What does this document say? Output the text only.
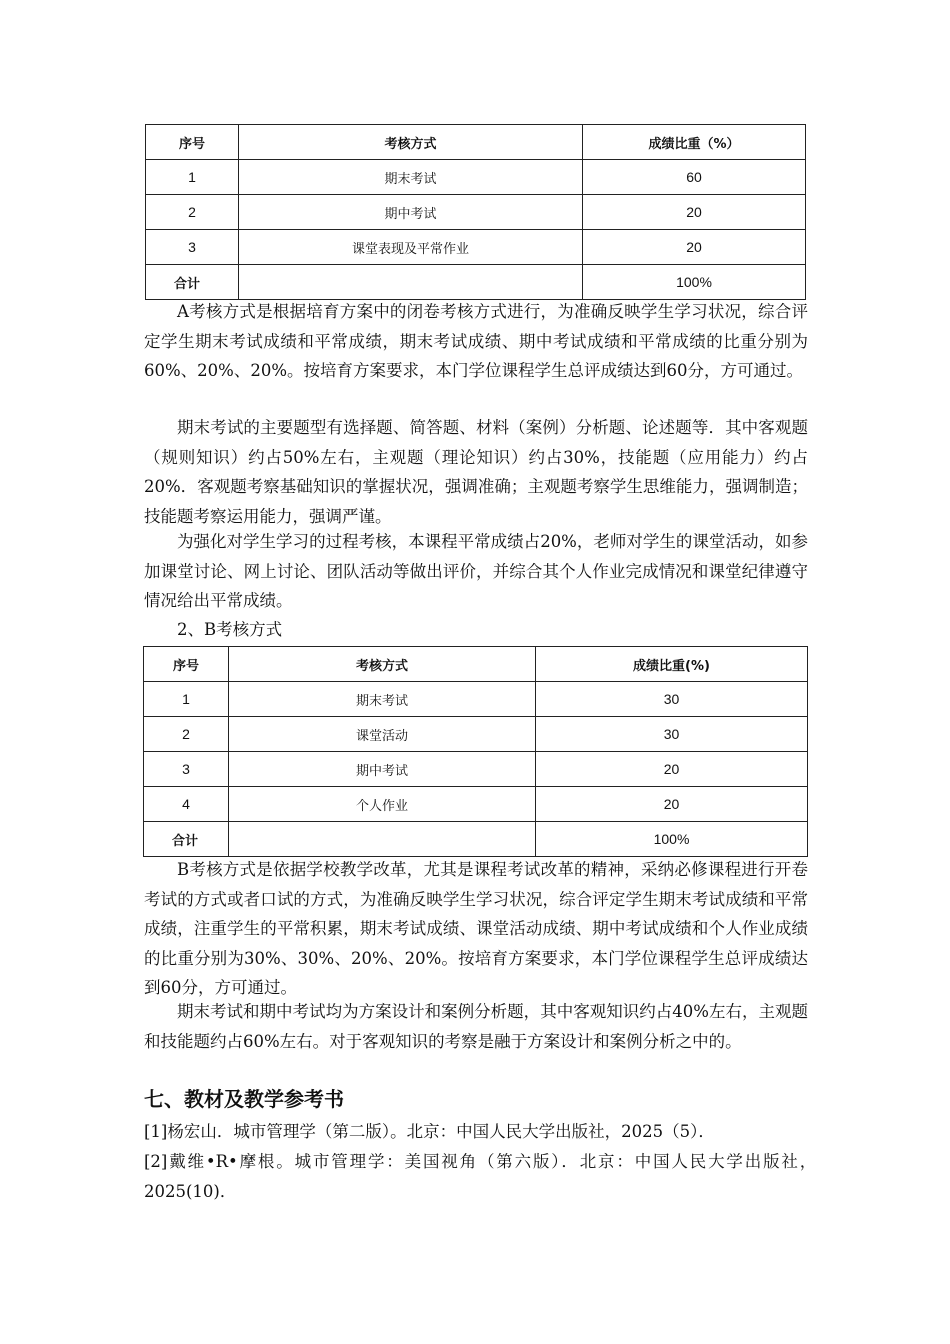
序号	考核方式	成绩比重（%）
1	期末考试	60
2	期中考试	20
3	课堂表现及平常作业	20
合计		100%

A考核方式是根据培育方案中的闭卷考核方式进行，为准确反映学生学习状况，综合评定学生期末考试成绩和平常成绩，期末考试成绩、期中考试成绩和平常成绩的比重分别为60%、20%、20%。按培育方案要求，本门学位课程学生总评成绩达到60分，方可通过。

期末考试的主要题型有选择题、简答题、材料（案例）分析题、论述题等．其中客观题（规则知识）约占50%左右，主观题（理论知识）约占30%，技能题（应用能力）约占20%．客观题考察基础知识的掌握状况，强调准确；主观题考察学生思维能力，强调制造；技能题考察运用能力，强调严谨。

为强化对学生学习的过程考核，本课程平常成绩占20%，老师对学生的课堂活动，如参加课堂讨论、网上讨论、团队活动等做出评价，并综合其个人作业完成情况和课堂纪律遵守情况给出平常成绩。

2、B考核方式

序号	考核方式	成绩比重(%)
1	期末考试	30
2	课堂活动	30
3	期中考试	20
4	个人作业	20
合计		100%

B考核方式是依据学校教学改革，尤其是课程考试改革的精神，采纳必修课程进行开卷考试的方式或者口试的方式，为准确反映学生学习状况，综合评定学生期末考试成绩和平常成绩，注重学生的平常积累，期末考试成绩、课堂活动成绩、期中考试成绩和个人作业成绩的比重分别为30%、30%、20%、20%。按培育方案要求，本门学位课程学生总评成绩达到60分，方可通过。

期末考试和期中考试均为方案设计和案例分析题，其中客观知识约占40%左右，主观题和技能题约占60%左右。对于客观知识的考察是融于方案设计和案例分析之中的。

七、教材及教学参考书

[1]杨宏山．城市管理学（第二版）。北京：中国人民大学出版社，2025（5）．

[2]戴维•R•摩根。城市管理学：美国视角（第六版）．北京：中国人民大学出版社，　2025(10)．
